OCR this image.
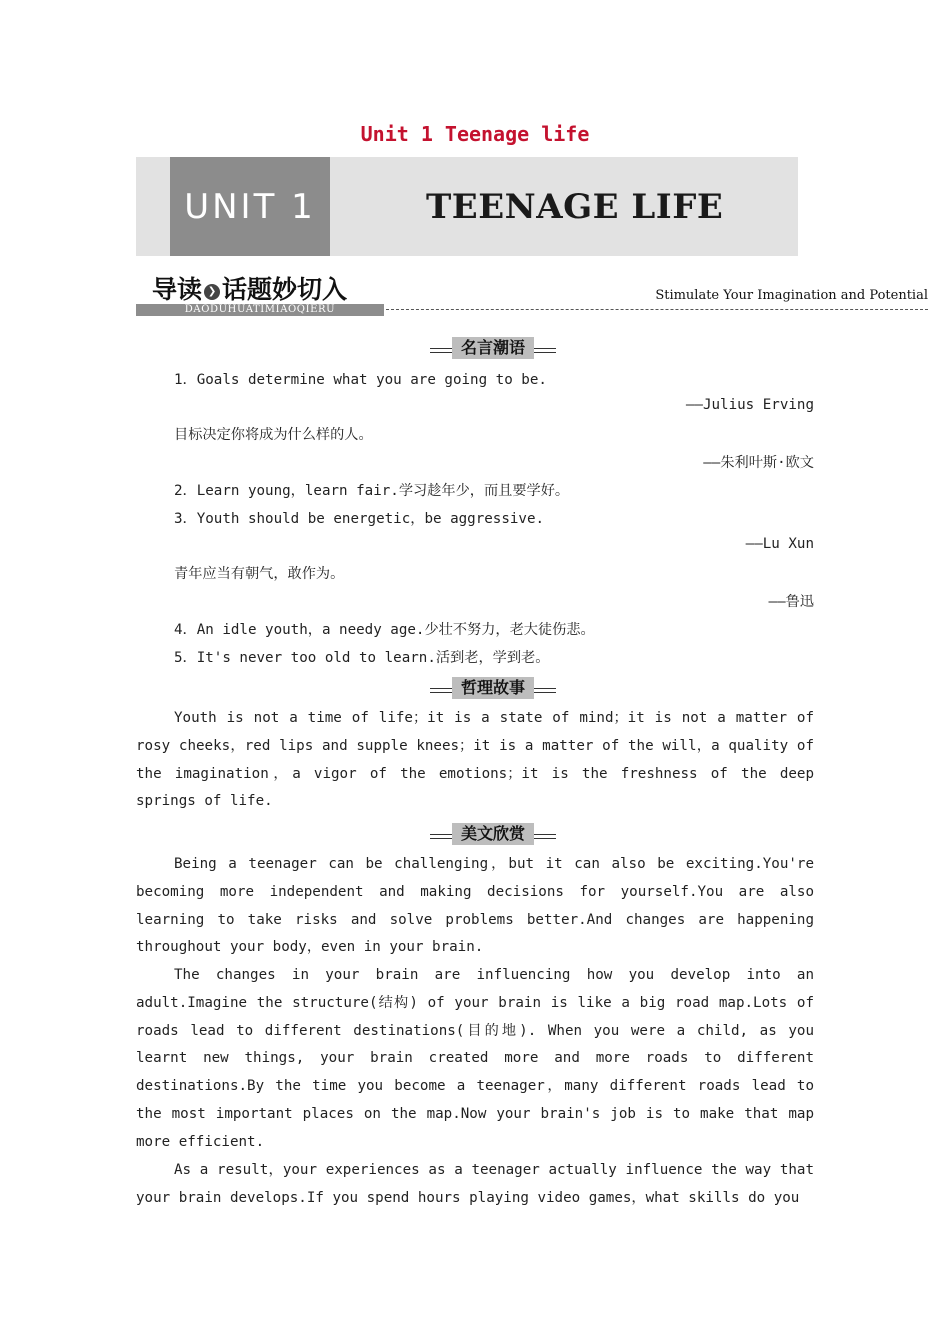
Unit 1 Teenage life
UNIT 1	TEENAGE LIFE
导读 ❯ 话题妙切入
DAODUHUATIMIAOQIERU
Stimulate Your Imagination and Potential
名言潮语
1．Goals determine what you are going to be.
——Julius Erving
目标决定你将成为什么样的人。
——朱利叶斯·欧文
2．Learn young，learn fair.学习趁年少，而且要学好。
3．Youth should be energetic，be aggressive.
——Lu Xun
青年应当有朝气，敢作为。
——鲁迅
4．An idle youth，a needy age.少壮不努力，老大徒伤悲。
5．It's never too old to learn.活到老，学到老。
哲理故事
Youth is not a time of life；it is a state of mind；it is not a matter of rosy cheeks，red lips and supple knees；it is a matter of the will，a quality of the imagination，a vigor of the emotions；it is the freshness of the deep springs of life.
美文欣赏
Being a teenager can be challenging，but it can also be exciting.You're becoming more independent and making decisions for yourself.You are also learning to take risks and solve problems better.And changes are happening throughout your body，even in your brain.
The changes in your brain are influencing how you develop into an adult.Imagine the structure(结构) of your brain is like a big road map.Lots of roads lead to different destinations(目的地). When you were a child, as you learnt new things, your brain created more and more roads to different destinations.By the time you become a teenager，many different roads lead to the most important places on the map.Now your brain's job is to make that map more efficient.
As a result，your experiences as a teenager actually influence the way that your brain develops.If you spend hours playing video games，what skills do you
